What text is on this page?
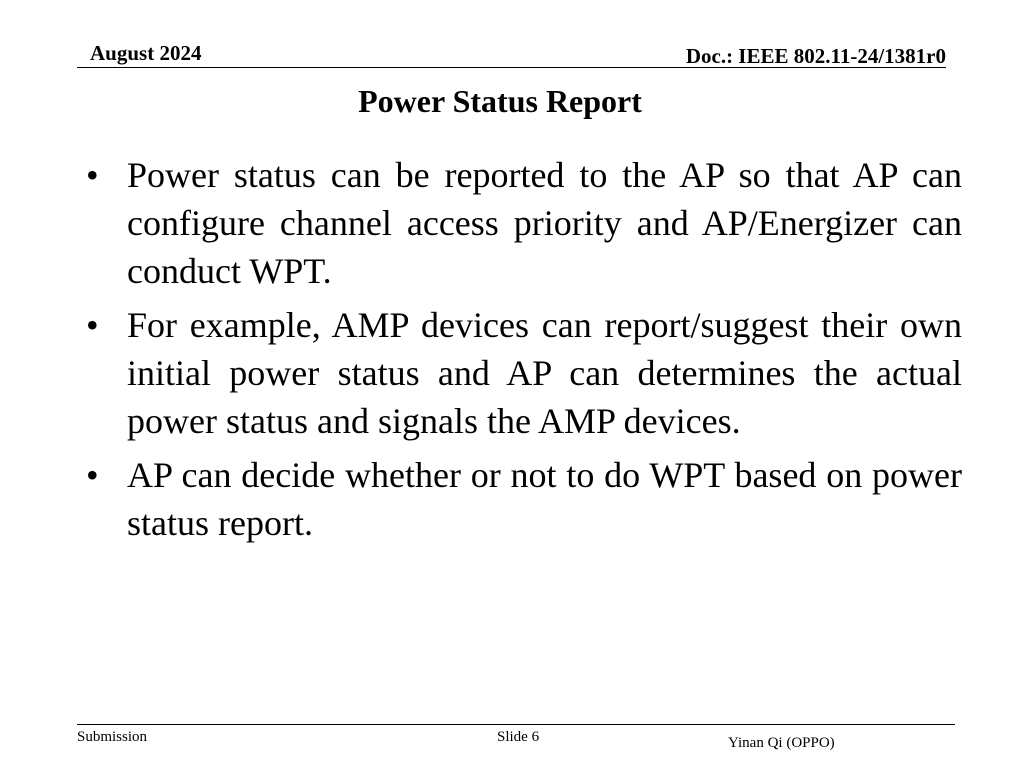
August 2024	Doc.: IEEE 802.11-24/1381r0
Power Status Report
• Power status can be reported to the AP so that AP can configure channel access priority and AP/Energizer can conduct WPT.
• For example, AMP devices can report/suggest their own initial power status and AP can determines the actual power status and signals the AMP devices.
• AP can decide whether or not to do WPT based on power status report.
Submission	Slide 6	Yinan Qi (OPPO)
